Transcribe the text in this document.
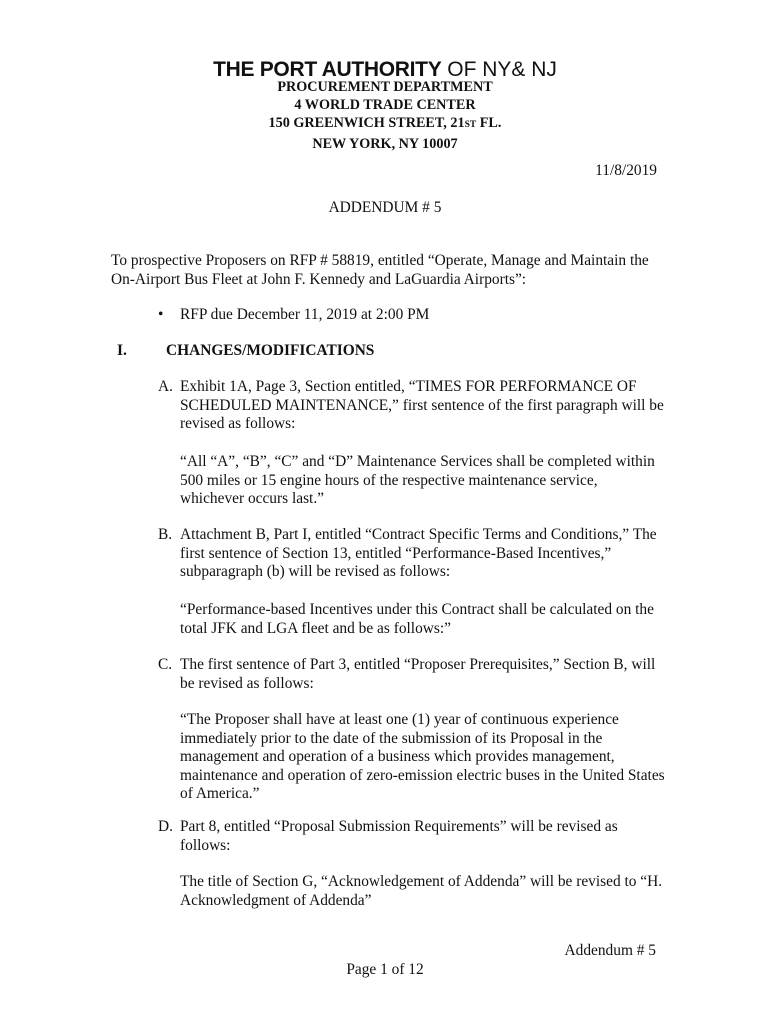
THE PORT AUTHORITY OF NY& NJ
PROCUREMENT DEPARTMENT
4 WORLD TRADE CENTER
150 GREENWICH STREET, 21ST FL.
NEW YORK, NY 10007
11/8/2019
ADDENDUM # 5
To prospective Proposers on RFP # 58819, entitled “Operate, Manage and Maintain the
On-Airport Bus Fleet at John F. Kennedy and LaGuardia Airports”:
• RFP due December 11, 2019 at 2:00 PM
I.	CHANGES/MODIFICATIONS
A. Exhibit 1A, Page 3, Section entitled, “TIMES FOR PERFORMANCE OF
SCHEDULED MAINTENANCE,” first sentence of the first paragraph will be
revised as follows:
“All “A”, “B”, “C” and “D” Maintenance Services shall be completed within
500 miles or 15 engine hours of the respective maintenance service,
whichever occurs last.”
B. Attachment B, Part I, entitled “Contract Specific Terms and Conditions,” The
first sentence of Section 13, entitled “Performance-Based Incentives,”
subparagraph (b) will be revised as follows:
“Performance-based Incentives under this Contract shall be calculated on the
total JFK and LGA fleet and be as follows:”
C. The first sentence of Part 3, entitled “Proposer Prerequisites,” Section B, will
be revised as follows:
“The Proposer shall have at least one (1) year of continuous experience
immediately prior to the date of the submission of its Proposal in the
management and operation of a business which provides management,
maintenance and operation of zero-emission electric buses in the United States
of America.”
D. Part 8, entitled “Proposal Submission Requirements” will be revised as
follows:
The title of Section G, “Acknowledgement of Addenda” will be revised to “H.
Acknowledgment of Addenda”
Addendum # 5
Page 1 of 12
